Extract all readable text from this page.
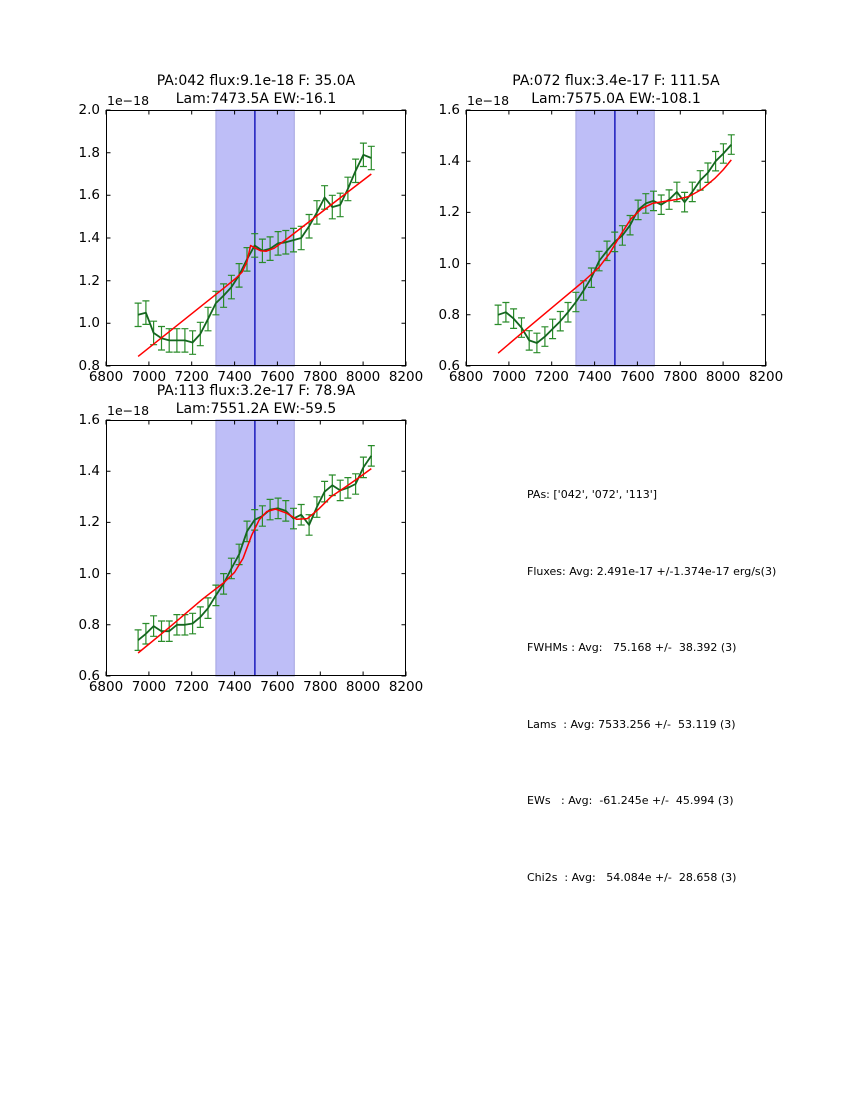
PA:042 flux:9.1e-18 F: 35.0A
Lam:7473.5A EW:-16.1
1e−18
0.8
1.0
1.2
1.4
1.6
1.8
2.0
6800 7000 7200 7400 7600 7800 8000 8200
PA:072 flux:3.4e-17 F: 111.5A
Lam:7575.0A EW:-108.1
1e−18
0.6
0.8
1.0
1.2
1.4
1.6
6800 7000 7200 7400 7600 7800 8000 8200
PA:113 flux:3.2e-17 F: 78.9A
Lam:7551.2A EW:-59.5
1e−18
0.6
0.8
1.0
1.2
1.4
1.6
6800 7000 7200 7400 7600 7800 8000 8200

PAs: ['042', '072', '113']

Fluxes: Avg: 2.491e-17 +/-1.374e-17 erg/s(3)

FWHMs : Avg:   75.168 +/-  38.392 (3)

Lams  : Avg: 7533.256 +/-  53.119 (3)

EWs   : Avg:  -61.245e +/-  45.994 (3)

Chi2s  : Avg:   54.084e +/-  28.658 (3)
